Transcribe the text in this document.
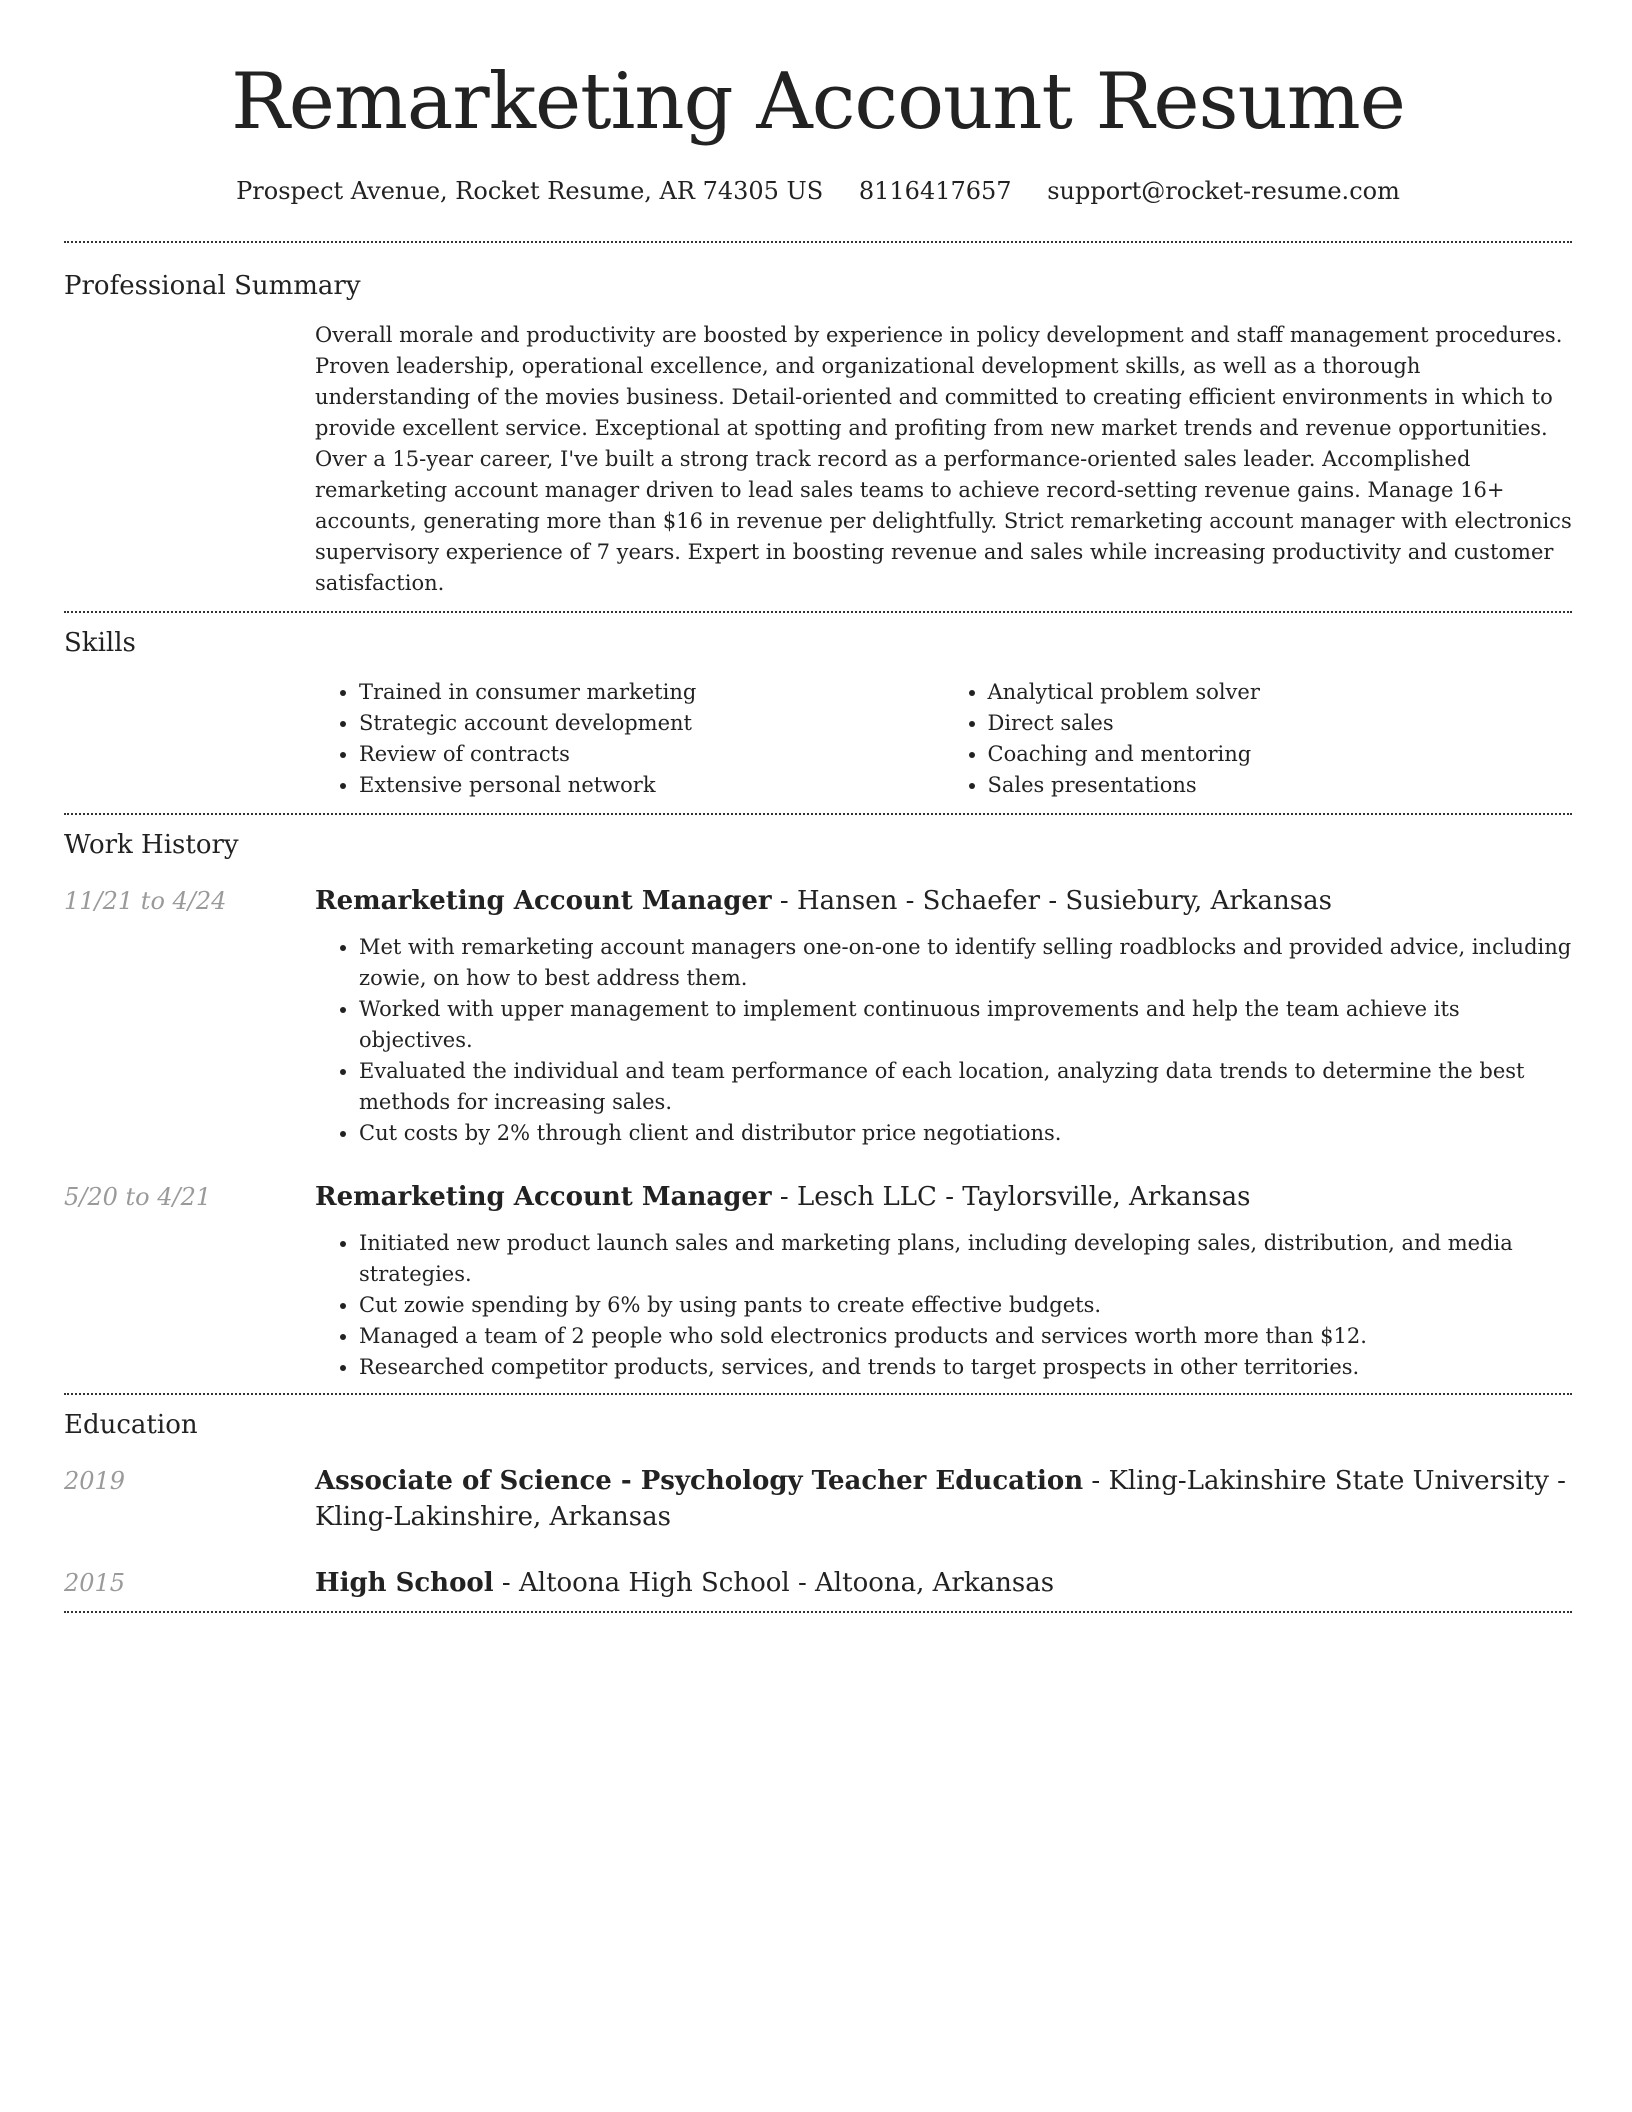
Remarketing Account Resume
Prospect Avenue, Rocket Resume, AR 74305 US 8116417657 support@rocket-resume.com
Professional Summary

Overall morale and productivity are boosted by experience in policy development and staff management procedures. Proven leadership, operational excellence, and organizational development skills, as well as a thorough understanding of the movies business. Detail-oriented and committed to creating efficient environments in which to provide excellent service. Exceptional at spotting and profiting from new market trends and revenue opportunities. Over a 15-year career, I've built a strong track record as a performance-oriented sales leader. Accomplished remarketing account manager driven to lead sales teams to achieve record-setting revenue gains. Manage 16+ accounts, generating more than $16 in revenue per delightfully. Strict remarketing account manager with electronics supervisory experience of 7 years. Expert in boosting revenue and sales while increasing productivity and customer satisfaction.

Skills
• Trained in consumer marketing
• Strategic account development
• Review of contracts
• Extensive personal network
• Analytical problem solver
• Direct sales
• Coaching and mentoring
• Sales presentations
Work History
11/21 to 4/24	Remarketing Account Manager - Hansen - Schaefer - Susiebury, Arkansas
• Met with remarketing account managers one-on-one to identify selling roadblocks and provided advice, including zowie, on how to best address them.
• Worked with upper management to implement continuous improvements and help the team achieve its objectives.
• Evaluated the individual and team performance of each location, analyzing data trends to determine the best methods for increasing sales.
• Cut costs by 2% through client and distributor price negotiations.
5/20 to 4/21	Remarketing Account Manager - Lesch LLC - Taylorsville, Arkansas
• Initiated new product launch sales and marketing plans, including developing sales, distribution, and media strategies.
• Cut zowie spending by 6% by using pants to create effective budgets.
• Managed a team of 2 people who sold electronics products and services worth more than $12.
• Researched competitor products, services, and trends to target prospects in other territories.
Education
2019	Associate of Science - Psychology Teacher Education - Kling-Lakinshire State University - Kling-Lakinshire, Arkansas
2015	High School - Altoona High School - Altoona, Arkansas
